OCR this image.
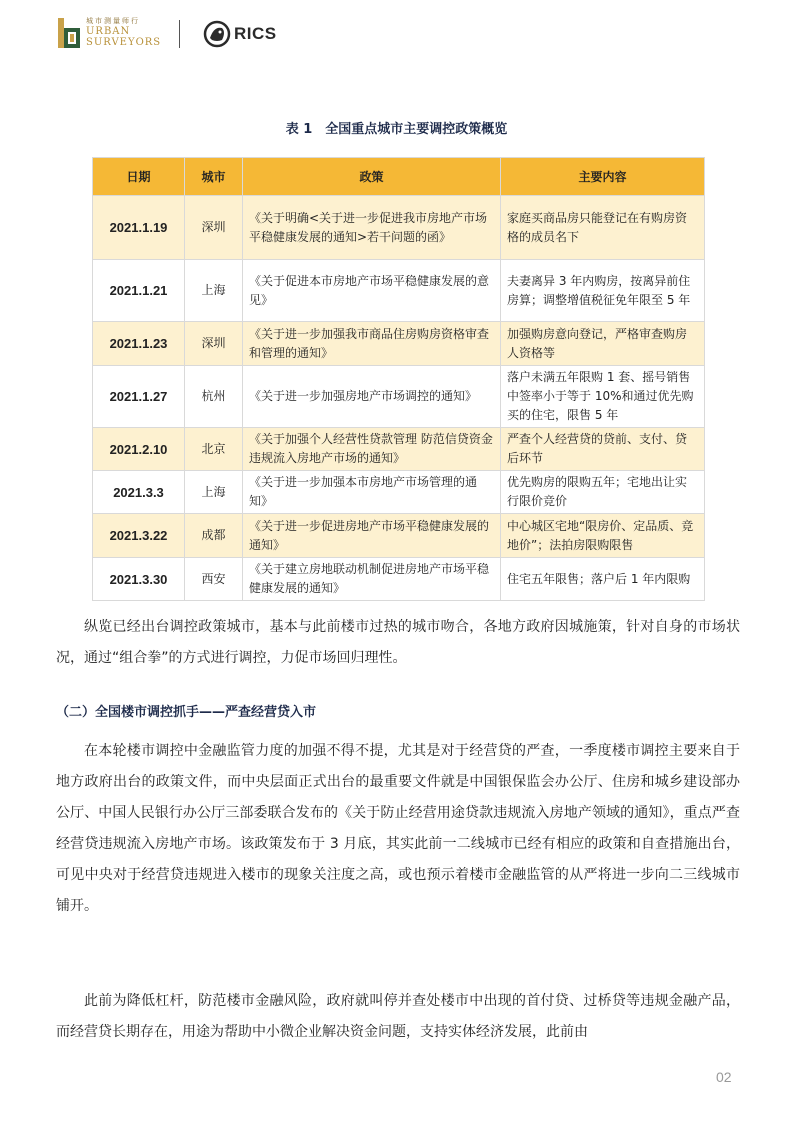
城市测量师行
URBAN
SURVEYORS	RICS
表 1　全国重点城市主要调控政策概览
日期	城市	政策	主要内容
2021.1.19	深圳	《关于明确<关于进一步促进我市房地产市场平稳健康发展的通知>若干问题的函》	家庭买商品房只能登记在有购房资格的成员名下
2021.1.21	上海	《关于促进本市房地产市场平稳健康发展的意见》	夫妻离异 3 年内购房，按离异前住房算；调整增值税征免年限至 5 年
2021.1.23	深圳	《关于进一步加强我市商品住房购房资格审查和管理的通知》	加强购房意向登记，严格审查购房人资格等
2021.1.27	杭州	《关于进一步加强房地产市场调控的通知》	落户未满五年限购 1 套、摇号销售中签率小于等于 10%和通过优先购买的住宅，限售 5 年
2021.2.10	北京	《关于加强个人经营性贷款管理 防范信贷资金违规流入房地产市场的通知》	严查个人经营贷的贷前、支付、贷后环节
2021.3.3	上海	《关于进一步加强本市房地产市场管理的通知》	优先购房的限购五年；宅地出让实行限价竞价
2021.3.22	成都	《关于进一步促进房地产市场平稳健康发展的通知》	中心城区宅地“限房价、定品质、竞地价”；法拍房限购限售
2021.3.30	西安	《关于建立房地联动机制促进房地产市场平稳健康发展的通知》	住宅五年限售；落户后 1 年内限购

纵览已经出台调控政策城市，基本与此前楼市过热的城市吻合，各地方政府因城施策，针对自身的市场状况，通过“组合拳”的方式进行调控，力促市场回归理性。

（二）全国楼市调控抓手——严查经营贷入市

在本轮楼市调控中金融监管力度的加强不得不提，尤其是对于经营贷的严查，一季度楼市调控主要来自于地方政府出台的政策文件，而中央层面正式出台的最重要文件就是中国银保监会办公厅、住房和城乡建设部办公厅、中国人民银行办公厅三部委联合发布的《关于防止经营用途贷款违规流入房地产领域的通知》，重点严查经营贷违规流入房地产市场。该政策发布于 3 月底，其实此前一二线城市已经有相应的政策和自查措施出台，可见中央对于经营贷违规进入楼市的现象关注度之高，或也预示着楼市金融监管的从严将进一步向二三线城市铺开。

此前为降低杠杆，防范楼市金融风险，政府就叫停并查处楼市中出现的首付贷、过桥贷等违规金融产品，而经营贷长期存在，用途为帮助中小微企业解决资金问题，支持实体经济发展，此前由

02
